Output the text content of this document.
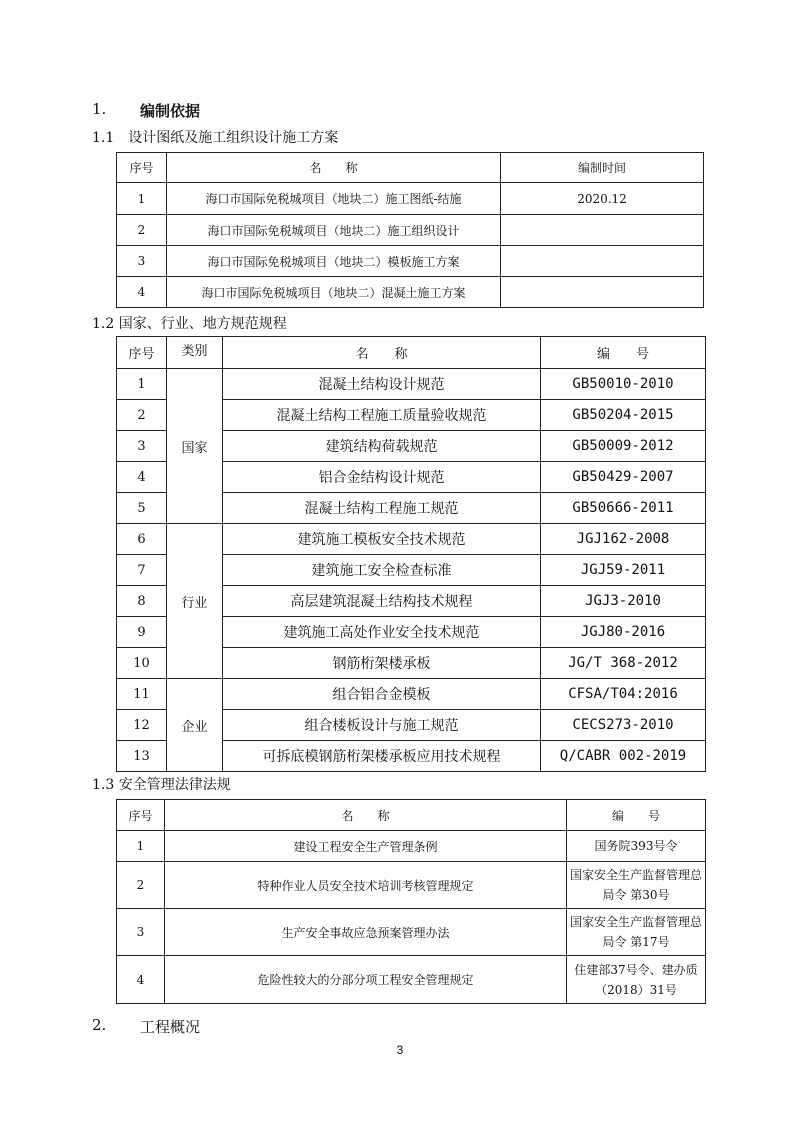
1. 编制依据
1.1　设计图纸及施工组织设计施工方案
序号	名　　称	编制时间
1	海口市国际免税城项目（地块二）施工图纸-结施	2020.12
2	海口市国际免税城项目（地块二）施工组织设计	
3	海口市国际免税城项目（地块二）模板施工方案	
4	海口市国际免税城项目（地块二）混凝土施工方案	
1.2 国家、行业、地方规范规程
序号	类别	名　　称	编　　号
1	国家	混凝土结构设计规范	GB50010-2010
2		混凝土结构工程施工质量验收规范	GB50204-2015
3		建筑结构荷载规范	GB50009-2012
4		铝合金结构设计规范	GB50429-2007
5		混凝土结构工程施工规范	GB50666-2011
6	行业	建筑施工模板安全技术规范	JGJ162-2008
7		建筑施工安全检查标准	JGJ59-2011
8		高层建筑混凝土结构技术规程	JGJ3-2010
9		建筑施工高处作业安全技术规范	JGJ80-2016
10		钢筋桁架楼承板	JG/T 368-2012
11	企业	组合铝合金模板	CFSA/T04:2016
12		组合楼板设计与施工规范	CECS273-2010
13		可拆底模钢筋桁架楼承板应用技术规程	Q/CABR 002-2019
1.3 安全管理法律法规
序号	名　　称	编　　号
1	建设工程安全生产管理条例	国务院393号令
2	特种作业人员安全技术培训考核管理规定	国家安全生产监督管理总局令 第30号
3	生产安全事故应急预案管理办法	国家安全生产监督管理总局令 第17号
4	危险性较大的分部分项工程安全管理规定	住建部37号令、建办质（2018）31号
2. 工程概况
3
